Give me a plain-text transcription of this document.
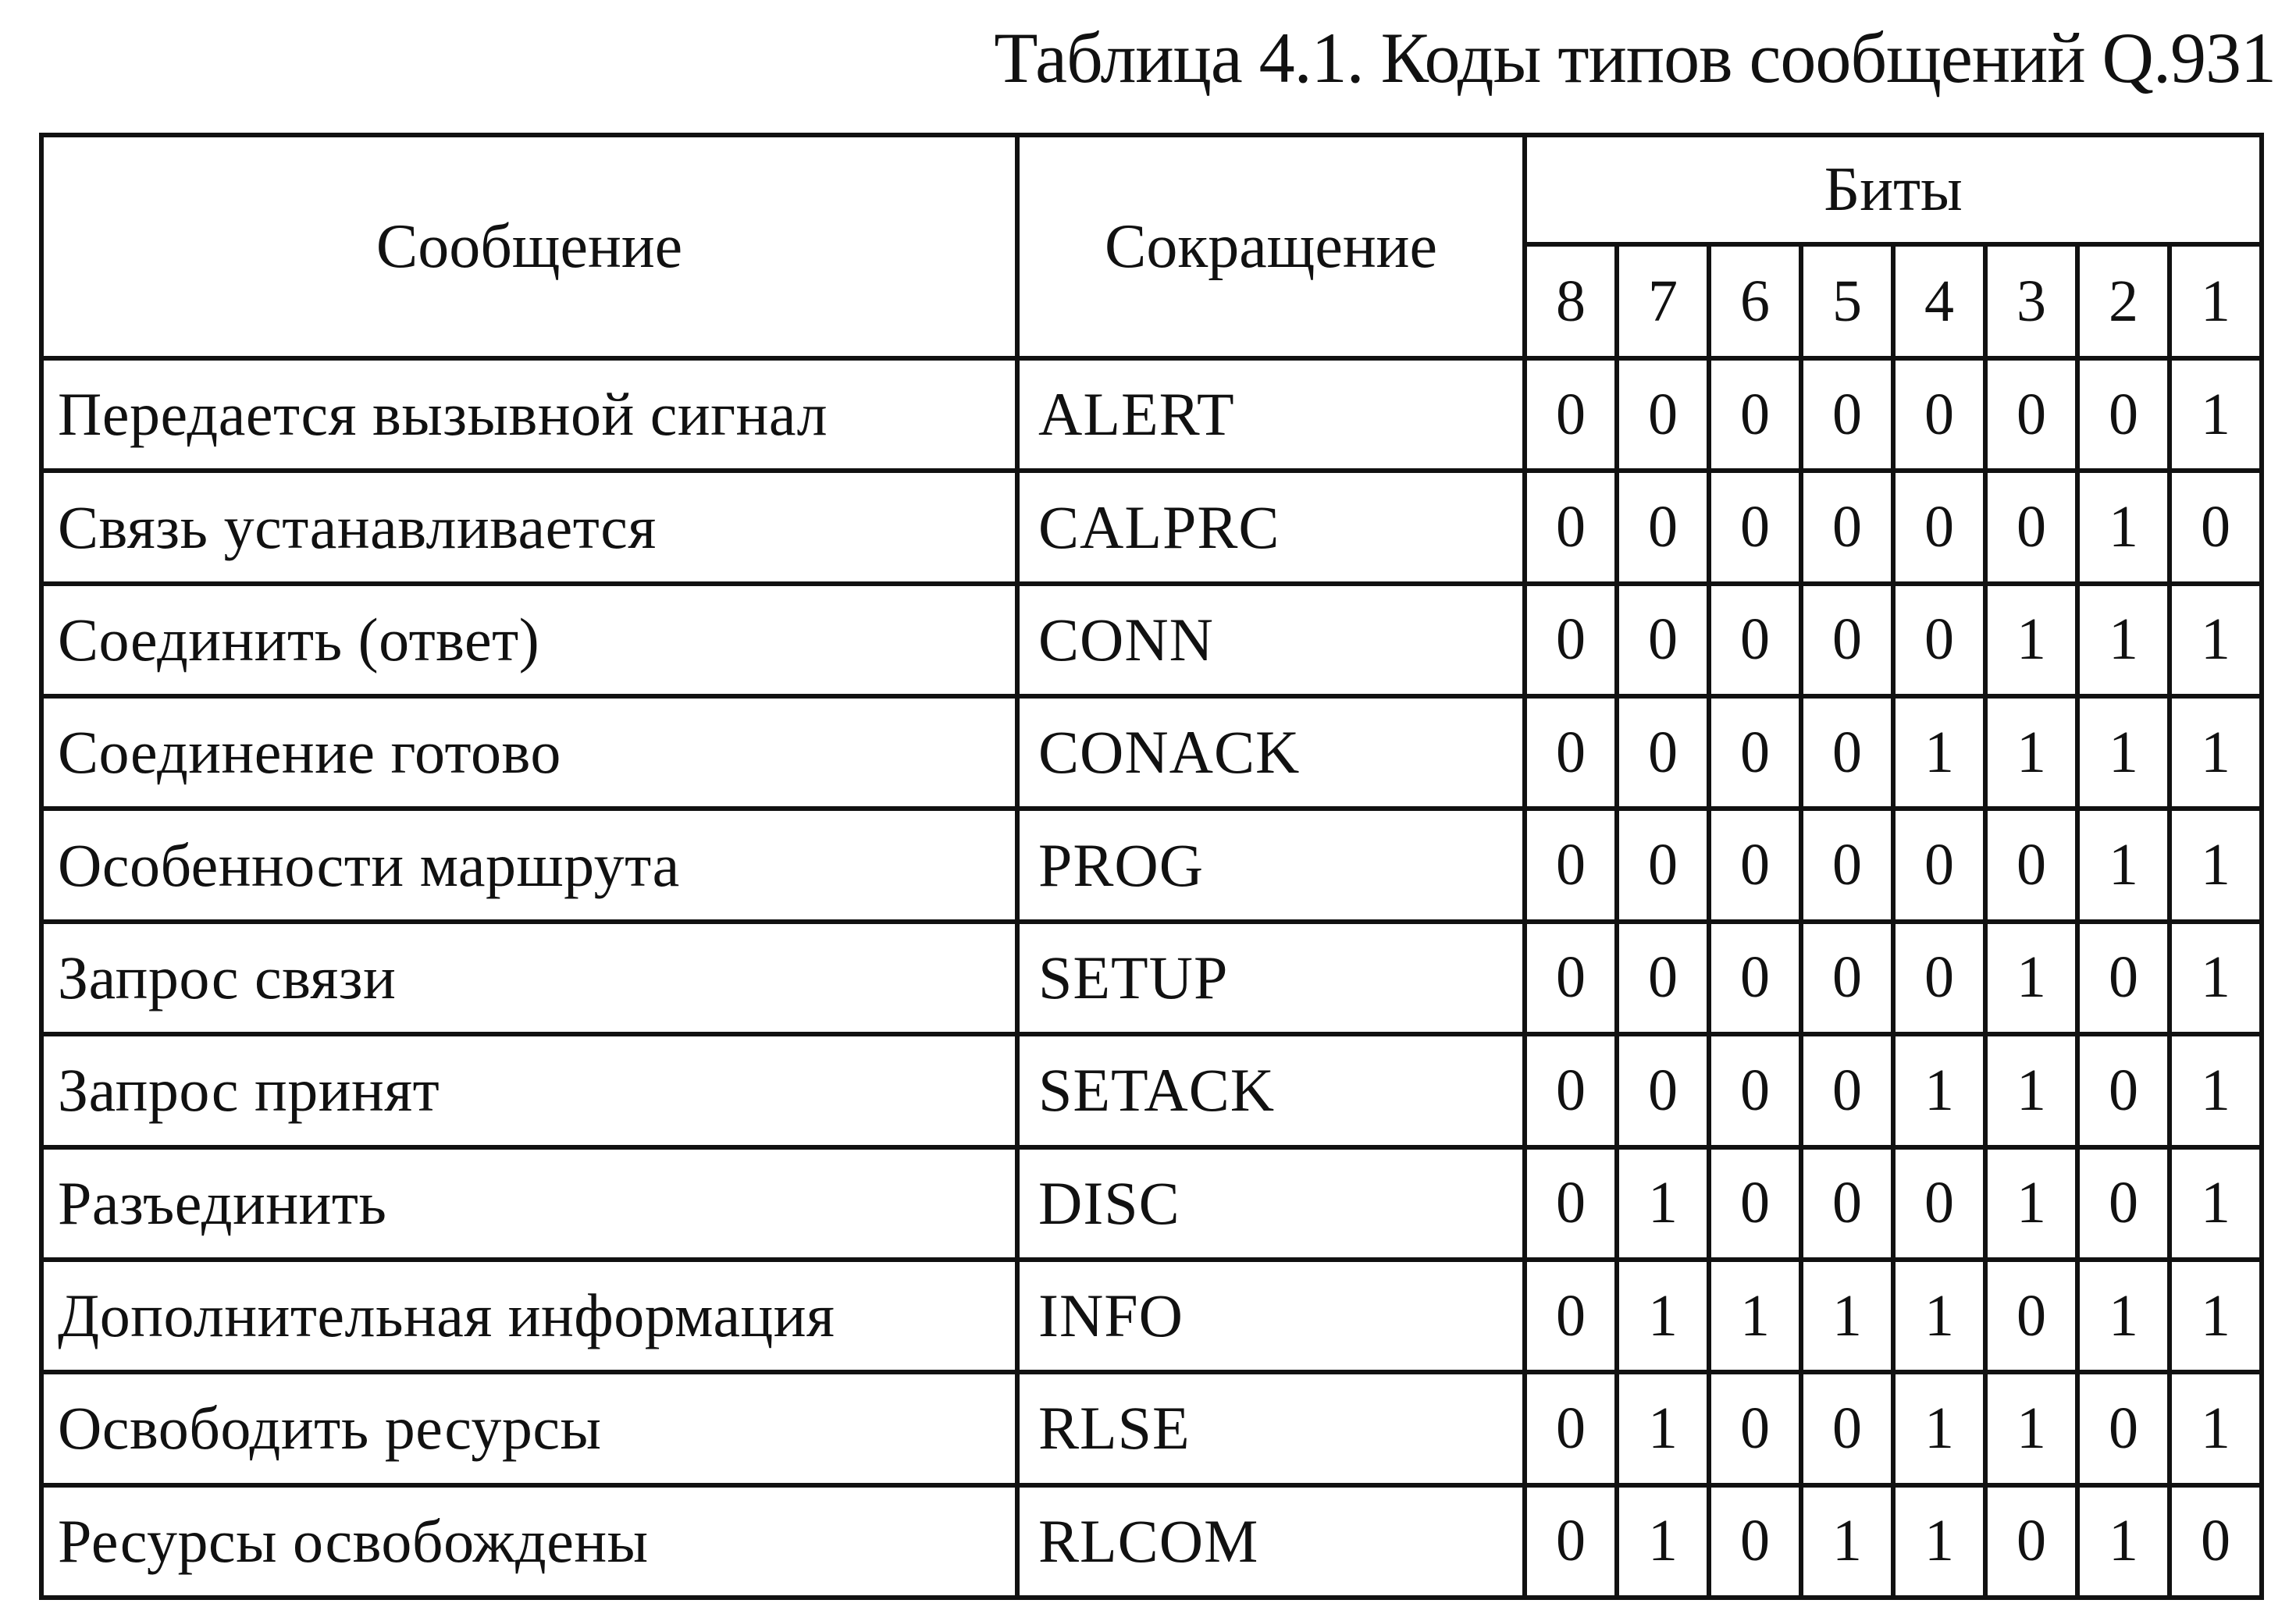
Таблица 4.1. Коды типов сообщений Q.931
Сообщение	Сокращение	Биты							
		8	7	6	5	4	3	2	1
Передается вызывной сигнал	ALERT	0	0	0	0	0	0	0	1
Связь устанавливается	CALPRC	0	0	0	0	0	0	1	0
Соединить (ответ)	CONN	0	0	0	0	0	1	1	1
Соединение готово	CONACK	0	0	0	0	1	1	1	1
Особенности маршрута	PROG	0	0	0	0	0	0	1	1
Запрос связи	SETUP	0	0	0	0	0	1	0	1
Запрос принят	SETACK	0	0	0	0	1	1	0	1
Разъединить	DISC	0	1	0	0	0	1	0	1
Дополнительная информация	INFO	0	1	1	1	1	0	1	1
Освободить ресурсы	RLSE	0	1	0	0	1	1	0	1
Ресурсы освобождены	RLCOM	0	1	0	1	1	0	1	0
